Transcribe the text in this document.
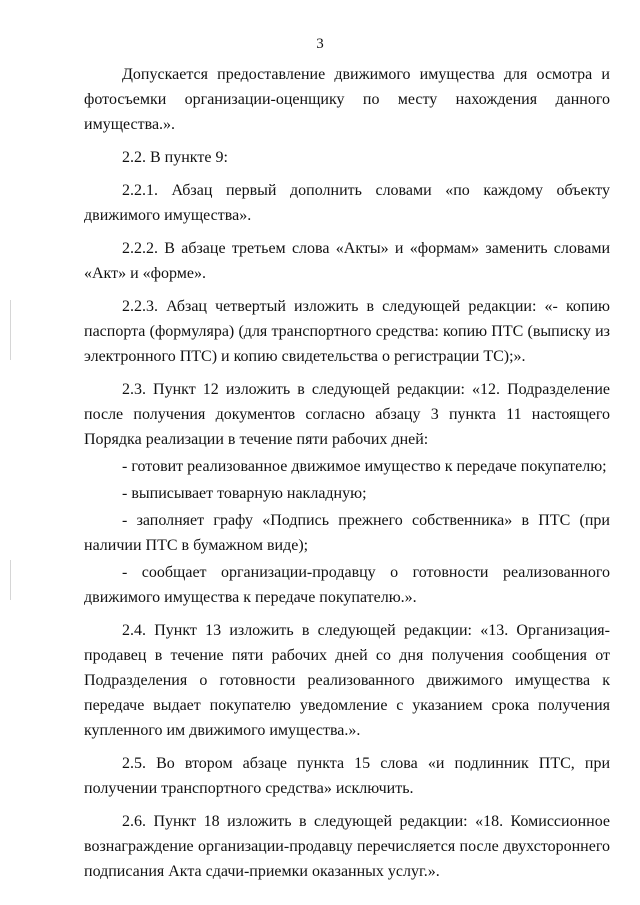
3

Допускается предоставление движимого имущества для осмотра и фотосъемки организации-оценщику по месту нахождения данного имущества.».

2.2. В пункте 9:

2.2.1. Абзац первый дополнить словами «по каждому объекту движимого имущества».

2.2.2. В абзаце третьем слова «Акты» и «формам» заменить словами «Акт» и «форме».

2.2.3. Абзац четвертый изложить в следующей редакции: «- копию паспорта (формуляра) (для транспортного средства: копию ПТС (выписку из электронного ПТС) и копию свидетельства о регистрации ТС);».

2.3. Пункт 12 изложить в следующей редакции: «12. Подразделение после получения документов согласно абзацу 3 пункта 11 настоящего Порядка реализации в течение пяти рабочих дней:

- готовит реализованное движимое имущество к передаче покупателю;

- выписывает товарную накладную;

- заполняет графу «Подпись прежнего собственника» в ПТС (при наличии ПТС в бумажном виде);

- сообщает организации-продавцу о готовности реализованного движимого имущества к передаче покупателю.».

2.4. Пункт 13 изложить в следующей редакции: «13. Организация-продавец в течение пяти рабочих дней со дня получения сообщения от Подразделения о готовности реализованного движимого имущества к передаче выдает покупателю уведомление с указанием срока получения купленного им движимого имущества.».

2.5. Во втором абзаце пункта 15 слова «и подлинник ПТС, при получении транспортного средства» исключить.

2.6. Пункт 18 изложить в следующей редакции: «18. Комиссионное вознаграждение организации-продавцу перечисляется после двухстороннего подписания Акта сдачи-приемки оказанных услуг.».
